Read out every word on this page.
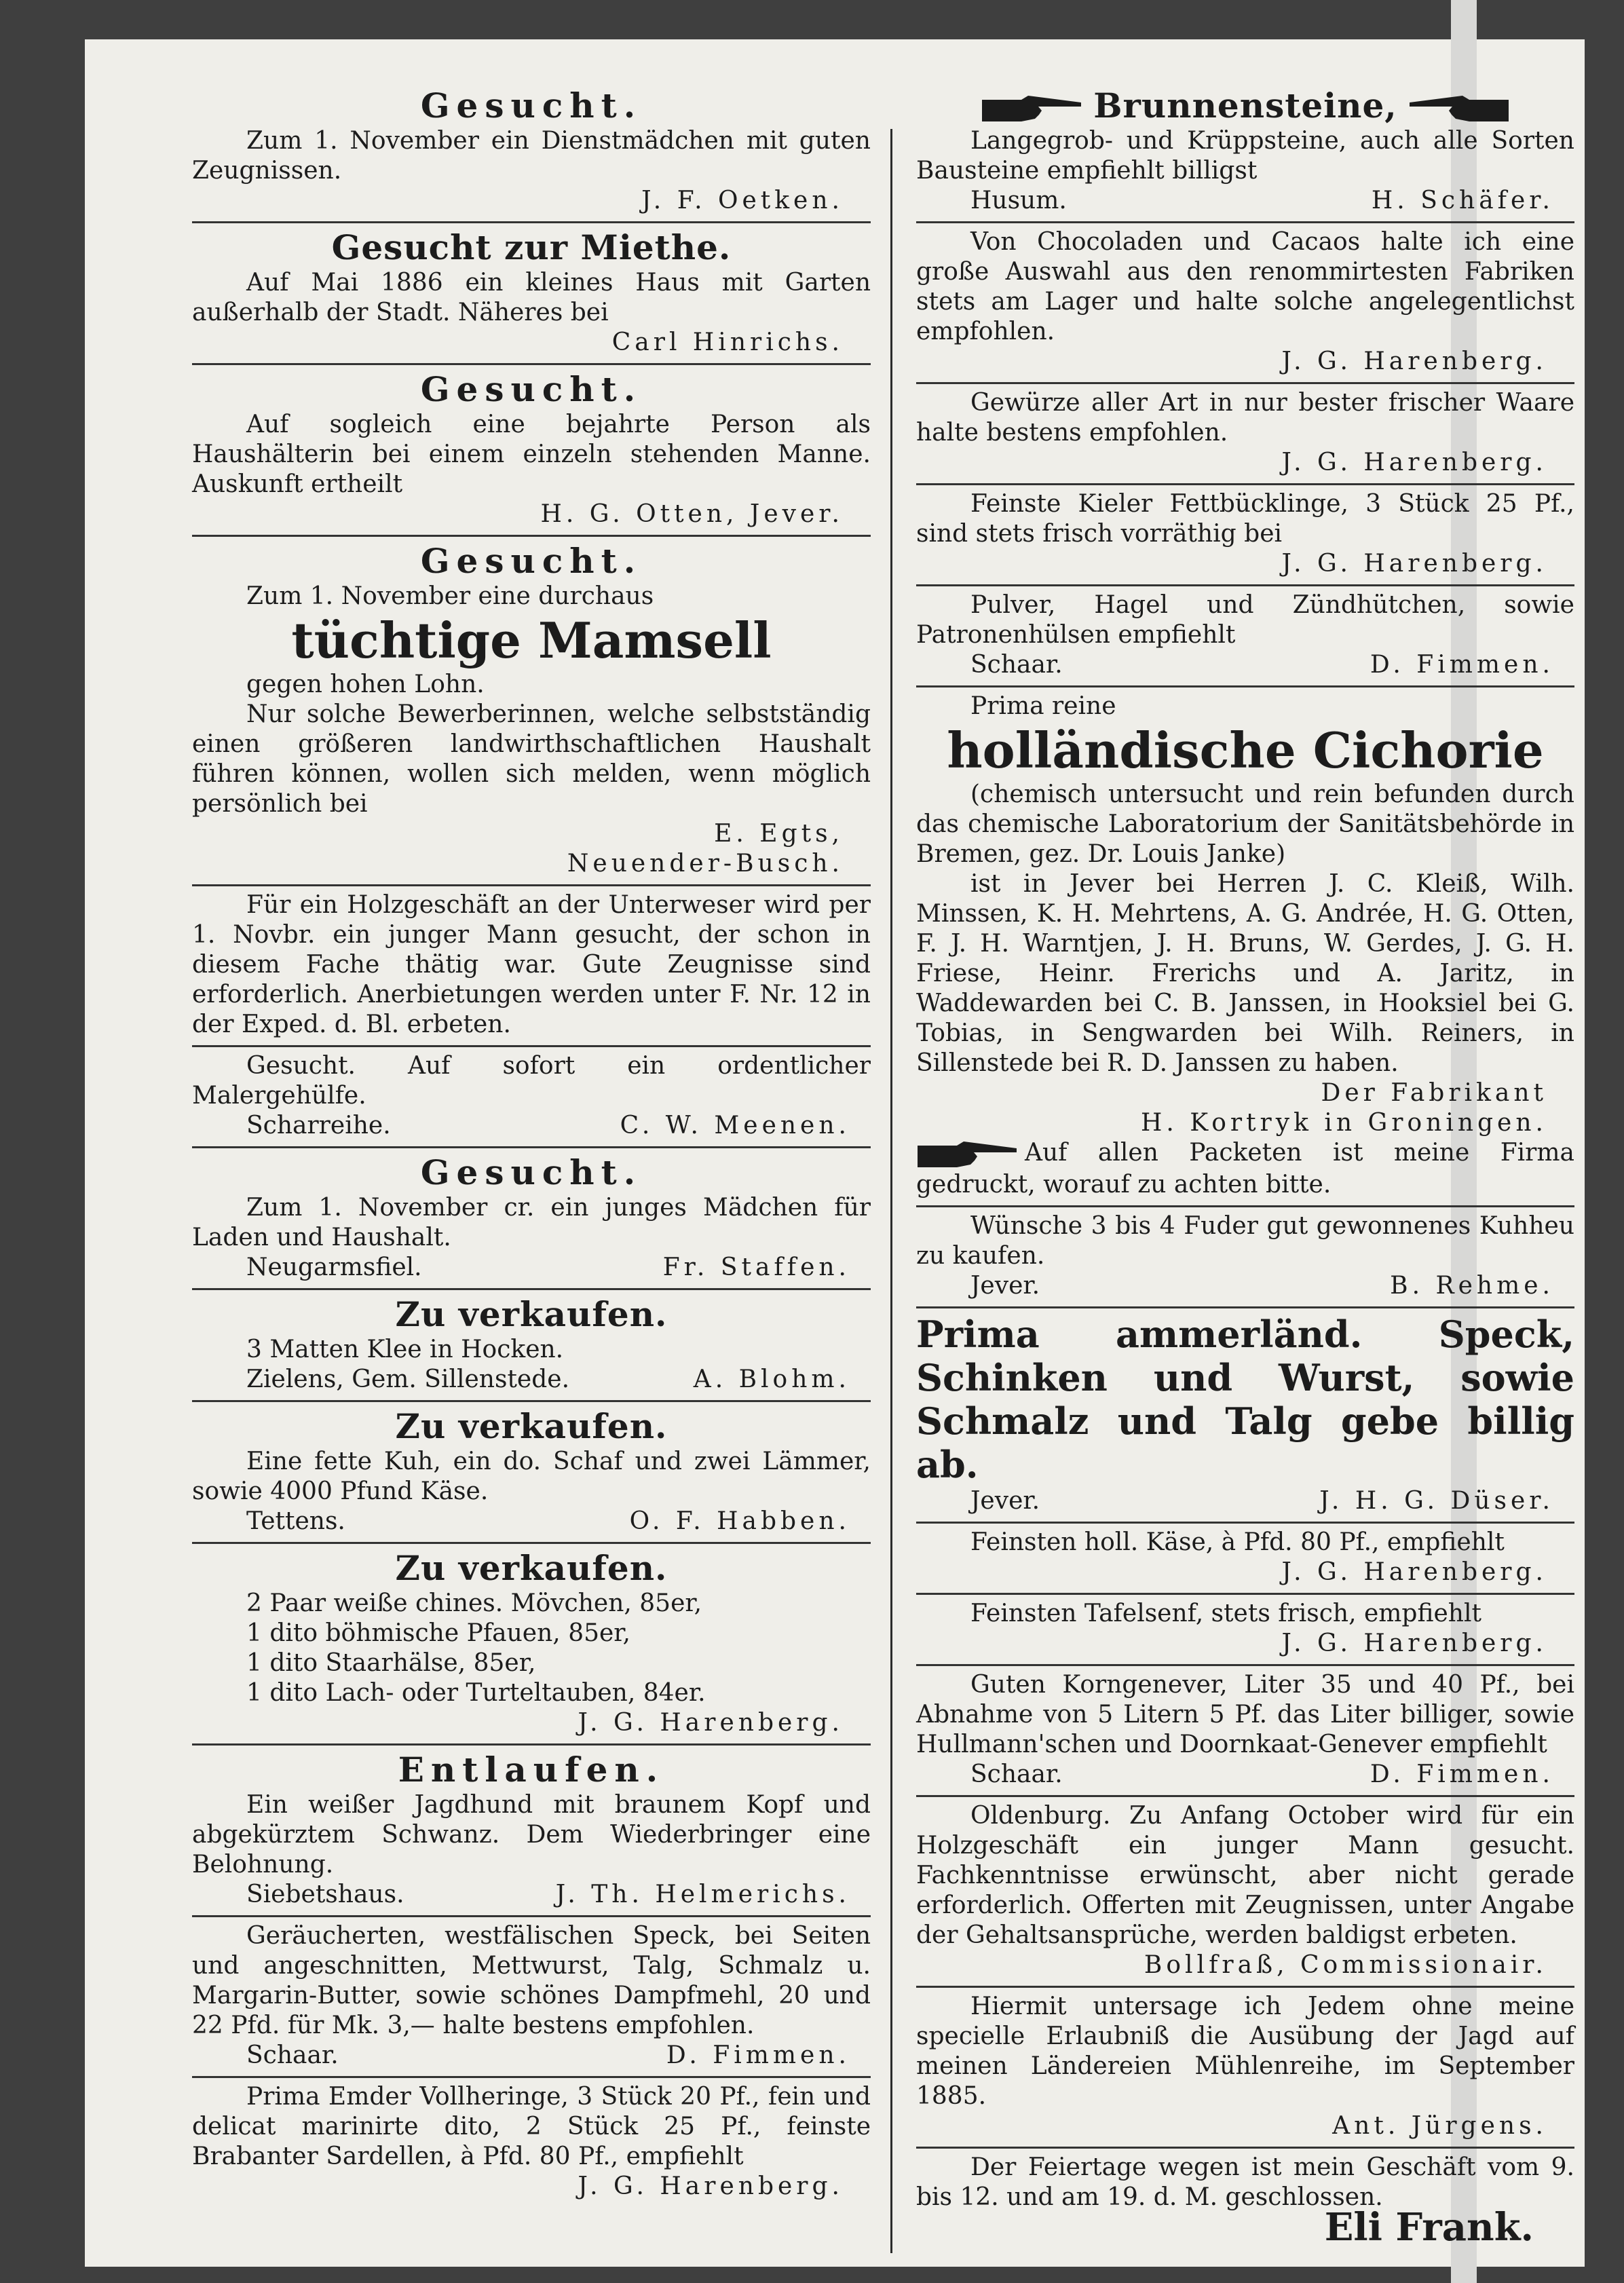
Gesucht.
Zum 1. November ein Dienstmädchen mit guten Zeugnissen.
J. F. Oetken.
Gesucht zur Miethe.
Auf Mai 1886 ein kleines Haus mit Garten außerhalb der Stadt. Näheres bei
Carl Hinrichs.
Gesucht.
Auf sogleich eine bejahrte Person als Haushälterin bei einem einzeln stehenden Manne. Auskunft ertheilt
H. G. Otten, Jever.
Gesucht.
Zum 1. November eine durchaus
tüchtige Mamsell
gegen hohen Lohn.
Nur solche Bewerberinnen, welche selbstständig einen größeren landwirthschaftlichen Haushalt führen können, wollen sich melden, wenn möglich persönlich bei
E. Egts,
Neuender-Busch.
Für ein Holzgeschäft an der Unterweser wird per 1. Novbr. ein junger Mann gesucht, der schon in diesem Fache thätig war. Gute Zeugnisse sind erforderlich. Anerbietungen werden unter F. Nr. 12 in der Exped. d. Bl. erbeten.
Gesucht. Auf sofort ein ordentlicher Malergehülfe.
Scharreihe.	C. W. Meenen.
Gesucht.
Zum 1. November cr. ein junges Mädchen für Laden und Haushalt.
Neugarmsfiel.	Fr. Staffen.
Zu verkaufen.
3 Matten Klee in Hocken.
Zielens, Gem. Sillenstede.	A. Blohm.
Zu verkaufen.
Eine fette Kuh, ein do. Schaf und zwei Lämmer, sowie 4000 Pfund Käse.
Tettens.	O. F. Habben.
Zu verkaufen.
2 Paar weiße chines. Mövchen, 85er,
1 dito böhmische Pfauen, 85er,
1 dito Staarhälse, 85er,
1 dito Lach- oder Turteltauben, 84er.
J. G. Harenberg.
Entlaufen.
Ein weißer Jagdhund mit braunem Kopf und abgekürztem Schwanz. Dem Wiederbringer eine Belohnung.
Siebetshaus.	J. Th. Helmerichs.
Geräucherten, westfälischen Speck, bei Seiten und angeschnitten, Mettwurst, Talg, Schmalz u. Margarin-Butter, sowie schönes Dampfmehl, 20 und 22 Pfd. für Mk. 3,— halte bestens empfohlen.
Schaar.	D. Fimmen.
Prima Emder Vollheringe, 3 Stück 20 Pf., fein und delicat marinirte dito, 2 Stück 25 Pf., feinste Brabanter Sardellen, à Pfd. 80 Pf., empfiehlt
J. G. Harenberg.
Brunnensteine,
Langegrob- und Krüppsteine, auch alle Sorten Bausteine empfiehlt billigst
Husum.	H. Schäfer.
Von Chocoladen und Cacaos halte ich eine große Auswahl aus den renommirtesten Fabriken stets am Lager und halte solche angelegentlichst empfohlen.
J. G. Harenberg.
Gewürze aller Art in nur bester frischer Waare halte bestens empfohlen.
J. G. Harenberg.
Feinste Kieler Fettbücklinge, 3 Stück 25 Pf., sind stets frisch vorräthig bei
J. G. Harenberg.
Pulver, Hagel und Zündhütchen, sowie Patronenhülsen empfiehlt
Schaar.	D. Fimmen.
Prima reine
holländische Cichorie
(chemisch untersucht und rein befunden durch das chemische Laboratorium der Sanitätsbehörde in Bremen, gez. Dr. Louis Janke)
ist in Jever bei Herren J. C. Kleiß, Wilh. Minssen, K. H. Mehrtens, A. G. Andrée, H. G. Otten, F. J. H. Warntjen, J. H. Bruns, W. Gerdes, J. G. H. Friese, Heinr. Frerichs und A. Jaritz, in Waddewarden bei C. B. Janssen, in Hooksiel bei G. Tobias, in Sengwarden bei Wilh. Reiners, in Sillenstede bei R. D. Janssen zu haben.
Der Fabrikant
H. Kortryk in Groningen.
Auf allen Packeten ist meine Firma gedruckt, worauf zu achten bitte.
Wünsche 3 bis 4 Fuder gut gewonnenes Kuhheu zu kaufen.
Jever.	B. Rehme.
Prima ammerländ. Speck, Schinken und Wurst, sowie Schmalz und Talg gebe billig ab.
Jever.	J. H. G. Düser.
Feinsten holl. Käse, à Pfd. 80 Pf., empfiehlt
J. G. Harenberg.
Feinsten Tafelsenf, stets frisch, empfiehlt
J. G. Harenberg.
Guten Korngenever, Liter 35 und 40 Pf., bei Abnahme von 5 Litern 5 Pf. das Liter billiger, sowie Hullmann'schen und Doornkaat-Genever empfiehlt
Schaar.	D. Fimmen.
Oldenburg. Zu Anfang October wird für ein Holzgeschäft ein junger Mann gesucht. Fachkenntnisse erwünscht, aber nicht gerade erforderlich. Offerten mit Zeugnissen, unter Angabe der Gehaltsansprüche, werden baldigst erbeten.
Bollfraß, Commissionair.
Hiermit untersage ich Jedem ohne meine specielle Erlaubniß die Ausübung der Jagd auf meinen Ländereien Mühlenreihe, im September 1885.
Ant. Jürgens.
Der Feiertage wegen ist mein Geschäft vom 9. bis 12. und am 19. d. M. geschlossen.
Eli Frank.
